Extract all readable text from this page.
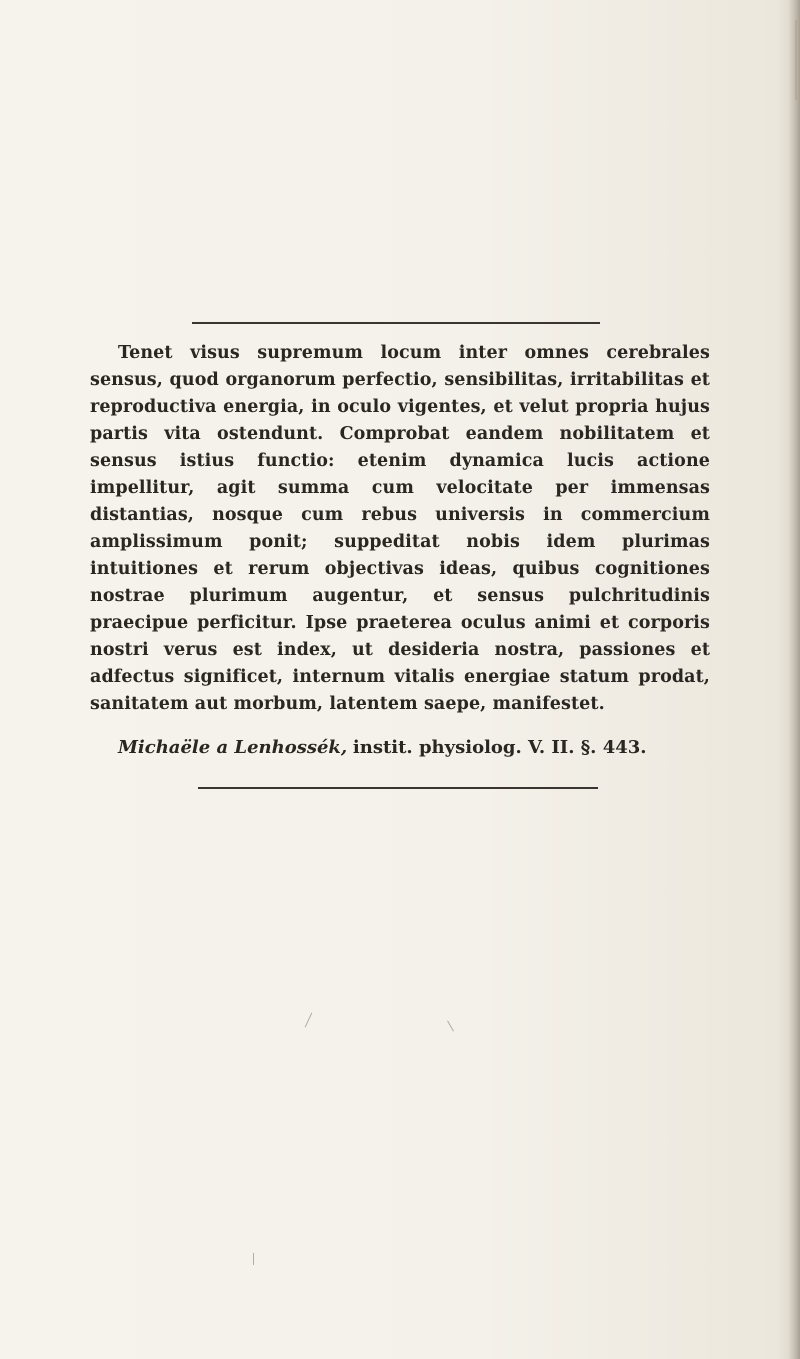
Tenet visus supremum locum inter omnes cerebrales sensus, quod organorum perfectio, sensibilitas, irritabilitas et reproductiva energia, in oculo vigentes, et velut propria hujus partis vita ostendunt. Comprobat eandem nobilitatem et sensus istius functio: etenim dynamica lucis actione impellitur, agit summa cum velocitate per immensas distantias, nosque cum rebus universis in commercium amplissimum ponit; suppeditat nobis idem plurimas intuitiones et rerum objectivas ideas, quibus cognitiones nostrae plurimum augentur, et sensus pulchritudinis praecipue perficitur. Ipse praeterea oculus animi et corporis nostri verus est index, ut desideria nostra, passiones et adfectus significet, internum vitalis energiae statum prodat, sanitatem aut morbum, latentem saepe, manifestet.

Michaële a Lenhossék, instit. physiolog. V. II. §. 443.
